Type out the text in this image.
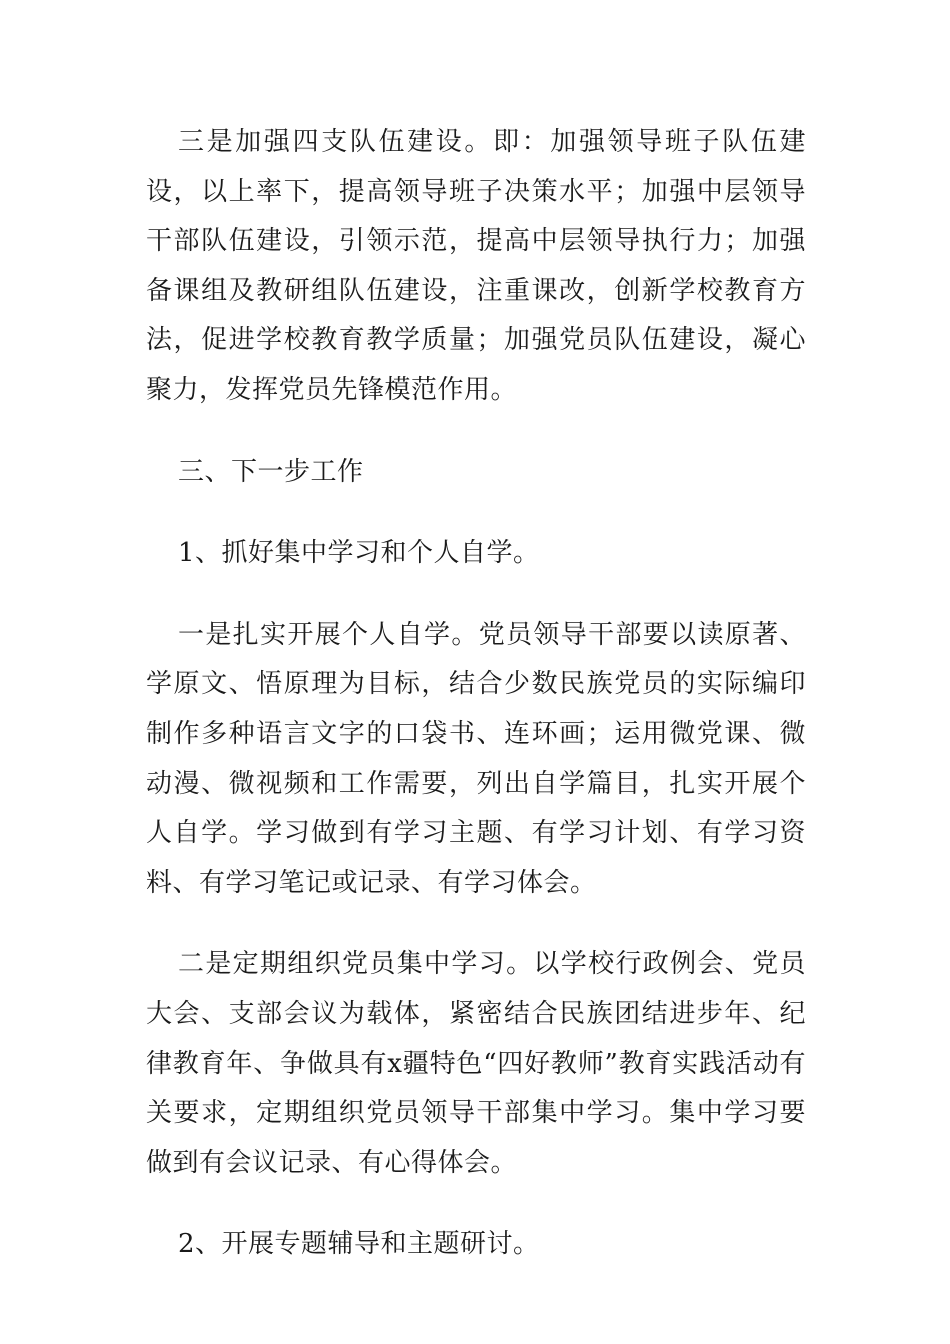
三是加强四支队伍建设。即：加强领导班子队伍建设，以上率下，提高领导班子决策水平；加强中层领导干部队伍建设，引领示范，提高中层领导执行力；加强备课组及教研组队伍建设，注重课改，创新学校教育方法，促进学校教育教学质量；加强党员队伍建设，凝心聚力，发挥党员先锋模范作用。

三、下一步工作

1、抓好集中学习和个人自学。

一是扎实开展个人自学。党员领导干部要以读原著、学原文、悟原理为目标，结合少数民族党员的实际编印制作多种语言文字的口袋书、连环画；运用微党课、微动漫、微视频和工作需要，列出自学篇目，扎实开展个人自学。学习做到有学习主题、有学习计划、有学习资料、有学习笔记或记录、有学习体会。

二是定期组织党员集中学习。以学校行政例会、党员大会、支部会议为载体，紧密结合民族团结进步年、纪律教育年、争做具有x疆特色“四好教师”教育实践活动有关要求，定期组织党员领导干部集中学习。集中学习要做到有会议记录、有心得体会。

2、开展专题辅导和主题研讨。
